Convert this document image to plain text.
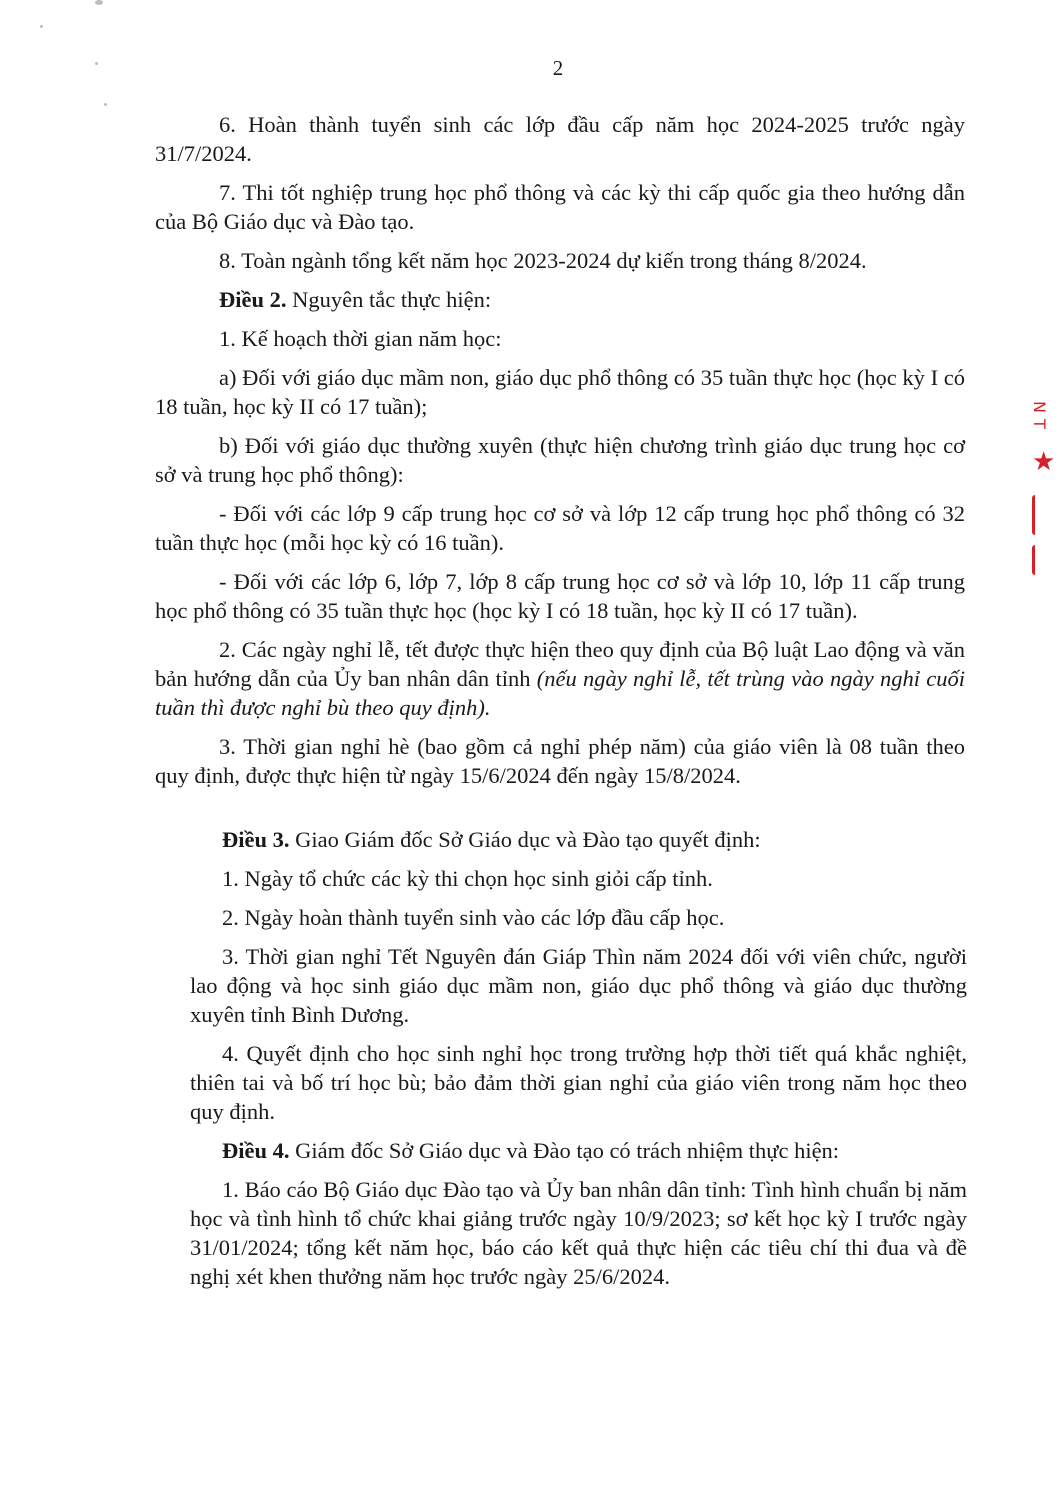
2

6. Hoàn thành tuyển sinh các lớp đầu cấp năm học 2024-2025 trước ngày 31/7/2024.

7. Thi tốt nghiệp trung học phổ thông và các kỳ thi cấp quốc gia theo hướng dẫn của Bộ Giáo dục và Đào tạo.

8. Toàn ngành tổng kết năm học 2023-2024 dự kiến trong tháng 8/2024.

Điều 2. Nguyên tắc thực hiện:

1. Kế hoạch thời gian năm học:

a) Đối với giáo dục mầm non, giáo dục phổ thông có 35 tuần thực học (học kỳ I có 18 tuần, học kỳ II có 17 tuần);

b) Đối với giáo dục thường xuyên (thực hiện chương trình giáo dục trung học cơ sở và trung học phổ thông):

- Đối với các lớp 9 cấp trung học cơ sở và lớp 12 cấp trung học phổ thông có 32 tuần thực học (mỗi học kỳ có 16 tuần).

- Đối với các lớp 6, lớp 7, lớp 8 cấp trung học cơ sở và lớp 10, lớp 11 cấp trung học phổ thông có 35 tuần thực học (học kỳ I có 18 tuần, học kỳ II có 17 tuần).

2. Các ngày nghỉ lễ, tết được thực hiện theo quy định của Bộ luật Lao động và văn bản hướng dẫn của Ủy ban nhân dân tỉnh (nếu ngày nghỉ lễ, tết trùng vào ngày nghỉ cuối tuần thì được nghỉ bù theo quy định).

3. Thời gian nghỉ hè (bao gồm cả nghỉ phép năm) của giáo viên là 08 tuần theo quy định, được thực hiện từ ngày 15/6/2024 đến ngày 15/8/2024.

Điều 3. Giao Giám đốc Sở Giáo dục và Đào tạo quyết định:

1. Ngày tổ chức các kỳ thi chọn học sinh giỏi cấp tỉnh.

2. Ngày hoàn thành tuyển sinh vào các lớp đầu cấp học.

3. Thời gian nghỉ Tết Nguyên đán Giáp Thìn năm 2024 đối với viên chức, người lao động và học sinh giáo dục mầm non, giáo dục phổ thông và giáo dục thường xuyên tỉnh Bình Dương.

4. Quyết định cho học sinh nghỉ học trong trường hợp thời tiết quá khắc nghiệt, thiên tai và bố trí học bù; bảo đảm thời gian nghỉ của giáo viên trong năm học theo quy định.

Điều 4. Giám đốc Sở Giáo dục và Đào tạo có trách nhiệm thực hiện:

1. Báo cáo Bộ Giáo dục Đào tạo và Ủy ban nhân dân tỉnh: Tình hình chuẩn bị năm học và tình hình tổ chức khai giảng trước ngày 10/9/2023; sơ kết học kỳ I trước ngày 31/01/2024; tổng kết năm học, báo cáo kết quả thực hiện các tiêu chí thi đua và đề nghị xét khen thưởng năm học trước ngày 25/6/2024.

NT
★
